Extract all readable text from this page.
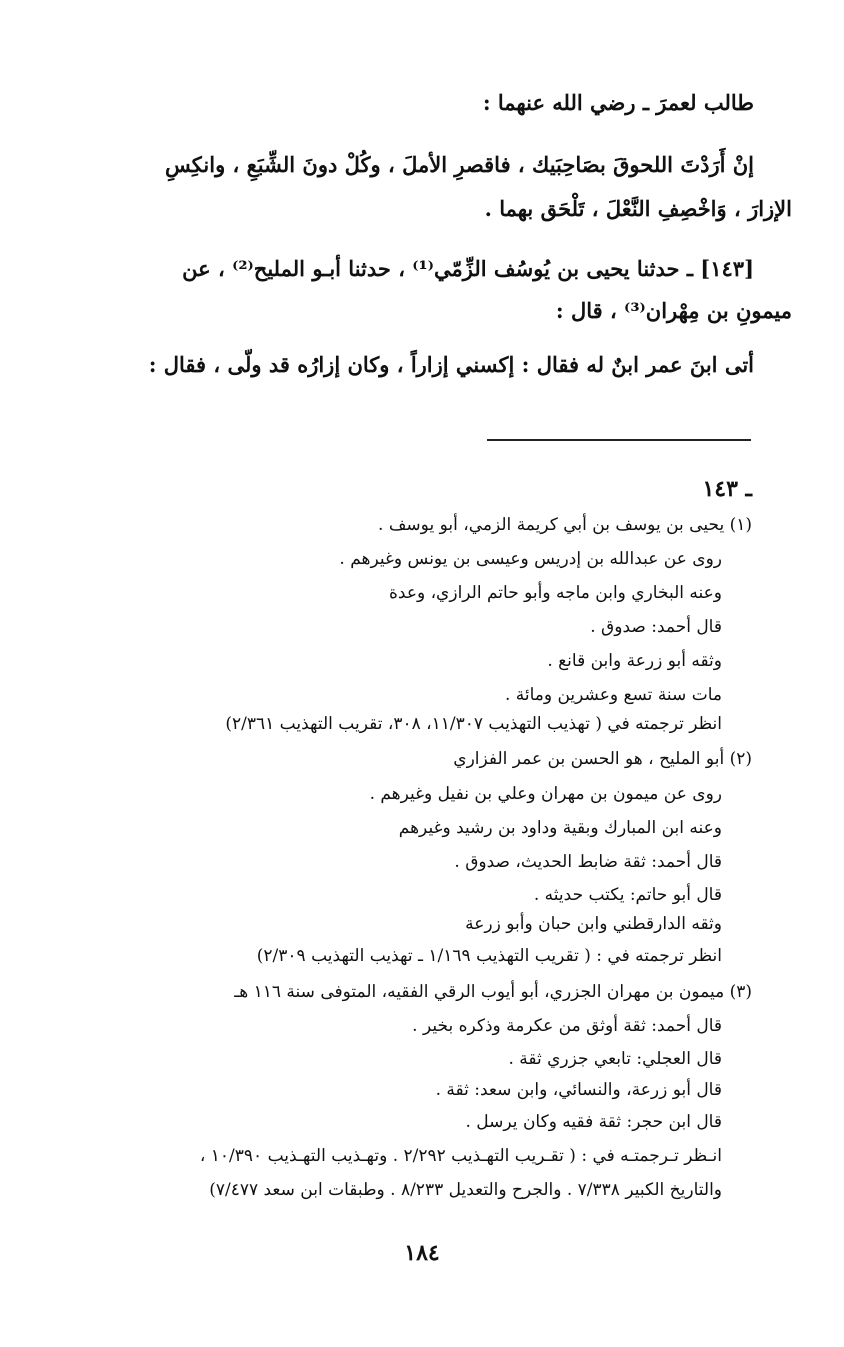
طالب لعمرَ ـ رضي الله عنهما :

إنْ أَرَدْتَ اللحوقَ بصَاحِبَيك ، فاقصرِ الأملَ ، وكُلْ دونَ الشِّبَعِ ، وانكِسِ

الإزارَ ، وَاخْصِفِ النَّعْلَ ، تَلْحَق بهما .

[١٤٣] ـ حدثنا يحيى بن يُوسُف الزِّمّي⁽¹⁾ ، حدثنا أبـو المليح⁽²⁾ ، عن

ميمونِ بن مِهْران⁽³⁾ ، قال :

أتى ابنَ عمر ابنٌ له فقال : إكسني إزاراً ، وكان إزارُه قد ولّى ، فقال :

ـ ١٤٣
(١) يحيى بن يوسف بن أبي كريمة الزمي، أبو يوسف .
روى عن عبدالله بن إدريس وعيسى بن يونس وغيرهم .
وعنه البخاري وابن ماجه وأبو حاتم الرازي، وعدة
قال أحمد: صدوق .
وثقه أبو زرعة وابن قانع .
مات سنة تسع وعشرين ومائة .
انظر ترجمته في ( تهذيب التهذيب ١١/٣٠٧، ٣٠٨، تقريب التهذيب ٢/٣٦١)
(٢) أبو المليح ، هو الحسن بن عمر الفزاري
روى عن ميمون بن مهران وعلي بن نفيل وغيرهم .
وعنه ابن المبارك وبقية وداود بن رشيد وغيرهم
قال أحمد: ثقة ضابط الحديث، صدوق .
قال أبو حاتم: يكتب حديثه .
وثقه الدارقطني وابن حبان وأبو زرعة
انظر ترجمته في : ( تقريب التهذيب ١/١٦٩ ـ تهذيب التهذيب ٢/٣٠٩)
(٣) ميمون بن مهران الجزري، أبو أيوب الرقي الفقيه، المتوفى سنة ١١٦ هـ
قال أحمد: ثقة أوثق من عكرمة وذكره بخير .
قال العجلي: تابعي جزري ثقة .
قال أبو زرعة، والنسائي، وابن سعد: ثقة .
قال ابن حجر: ثقة فقيه وكان يرسل .
انـظر تـرجمتـه في : ( تقـريب التهـذيب ٢/٢٩٢ . وتهـذيب التهـذيب ١٠/٣٩٠ ،
والتاريخ الكبير ٧/٣٣٨ . والجرح والتعديل ٨/٢٣٣ . وطبقات ابن سعد ٧/٤٧٧)
١٨٤
